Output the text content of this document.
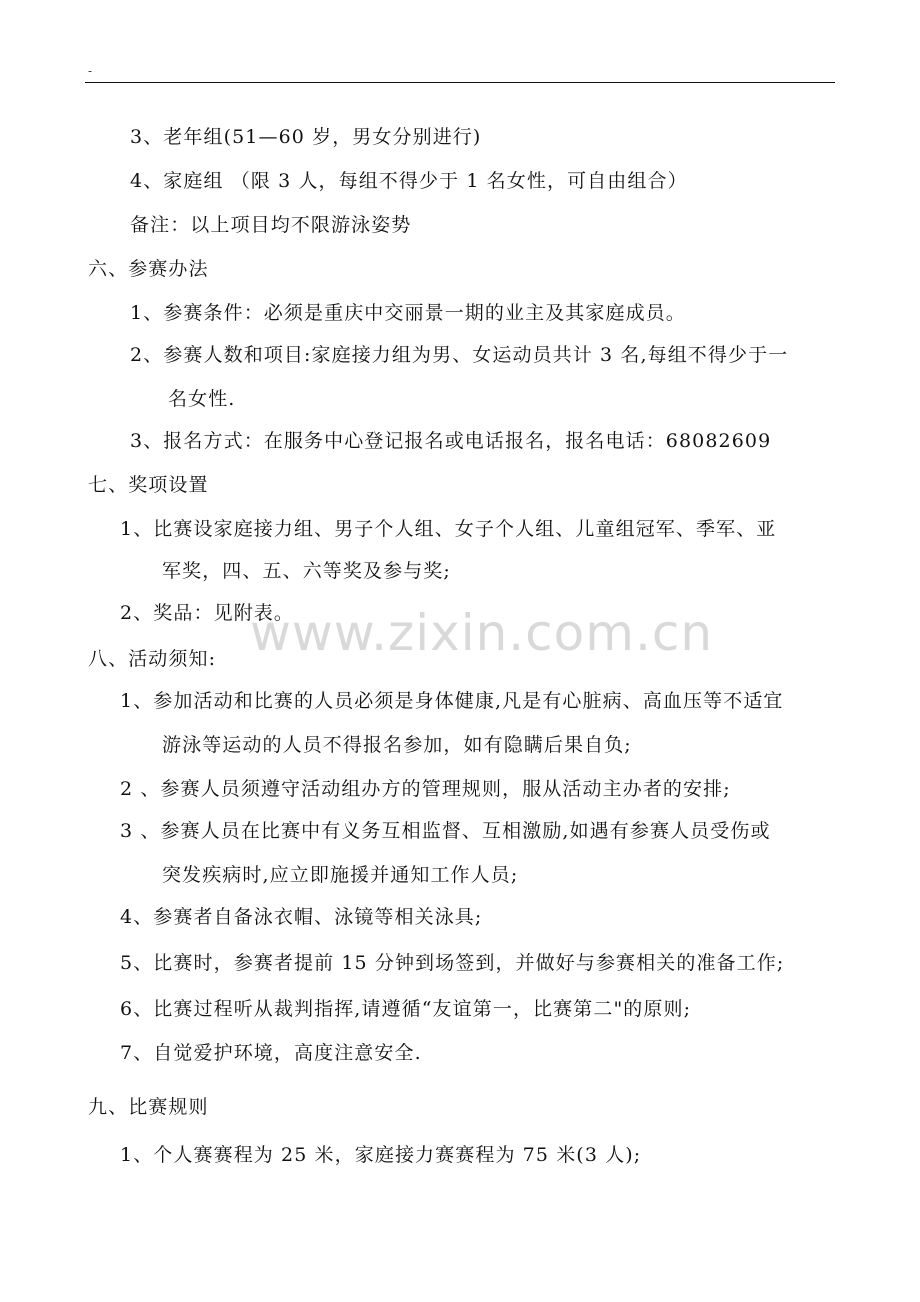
-
www.zixin.com.cn
3、老年组(51—60 岁，男女分别进行)
4、家庭组 （限 3 人，每组不得少于 1 名女性，可自由组合）
备注：以上项目均不限游泳姿势
六、参赛办法
1、参赛条件：必须是重庆中交丽景一期的业主及其家庭成员。
2、参赛人数和项目:家庭接力组为男、女运动员共计 3 名,每组不得少于一
名女性.
3、报名方式：在服务中心登记报名或电话报名，报名电话：68082609
七、奖项设置
1、比赛设家庭接力组、男子个人组、女子个人组、儿童组冠军、季军、亚
军奖，四、五、六等奖及参与奖;
2、奖品：见附表。
八、活动须知:
1、参加活动和比赛的人员必须是身体健康,凡是有心脏病、高血压等不适宜
游泳等运动的人员不得报名参加，如有隐瞒后果自负;
2 、参赛人员须遵守活动组办方的管理规则，服从活动主办者的安排;
3 、参赛人员在比赛中有义务互相监督、互相激励,如遇有参赛人员受伤或
突发疾病时,应立即施援并通知工作人员;
4、参赛者自备泳衣帽、泳镜等相关泳具;
5、比赛时，参赛者提前 15 分钟到场签到，并做好与参赛相关的准备工作;
6、比赛过程听从裁判指挥,请遵循“友谊第一，比赛第二"的原则;
7、自觉爱护环境，高度注意安全.
九、比赛规则
1、个人赛赛程为 25 米，家庭接力赛赛程为 75 米(3 人);
